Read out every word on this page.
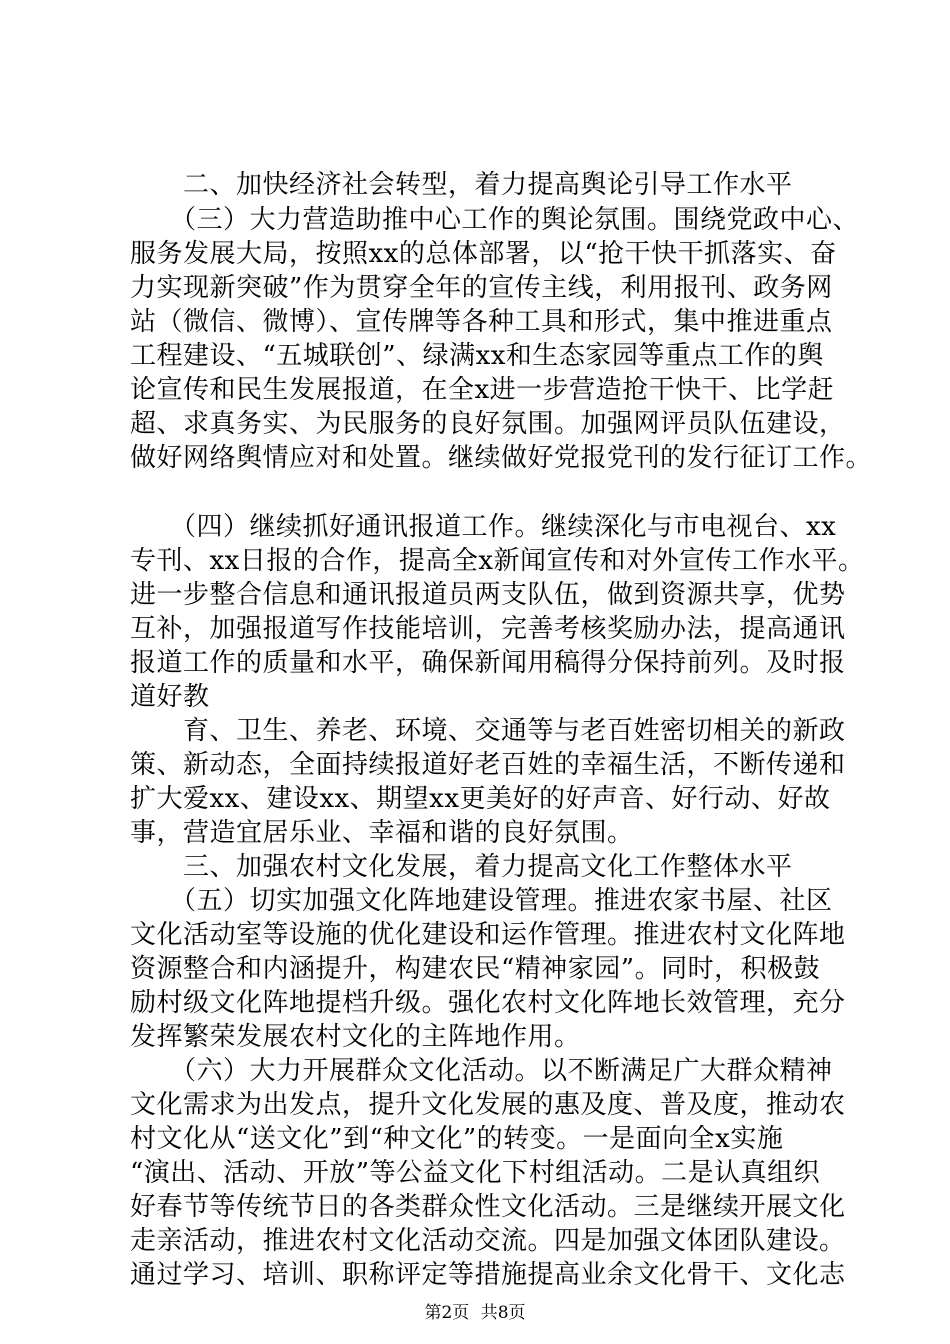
　　二、加快经济社会转型，着力提高舆论引导工作水平
　　（三）大力营造助推中心工作的舆论氛围。围绕党政中心、
服务发展大局，按照xx的总体部署，以“抢干快干抓落实、奋
力实现新突破”作为贯穿全年的宣传主线，利用报刊、政务网
站（微信、微博）、宣传牌等各种工具和形式，集中推进重点
工程建设、“五城联创”、绿满xx和生态家园等重点工作的舆
论宣传和民生发展报道，在全x进一步营造抢干快干、比学赶
超、求真务实、为民服务的良好氛围。加强网评员队伍建设，
做好网络舆情应对和处置。继续做好党报党刊的发行征订工作。
　　（四）继续抓好通讯报道工作。继续深化与市电视台、xx
专刊、xx日报的合作，提高全x新闻宣传和对外宣传工作水平。
进一步整合信息和通讯报道员两支队伍，做到资源共享，优势
互补，加强报道写作技能培训，完善考核奖励办法，提高通讯
报道工作的质量和水平，确保新闻用稿得分保持前列。及时报
道好教
　　育、卫生、养老、环境、交通等与老百姓密切相关的新政
策、新动态，全面持续报道好老百姓的幸福生活，不断传递和
扩大爱xx、建设xx、期望xx更美好的好声音、好行动、好故
事，营造宜居乐业、幸福和谐的良好氛围。
　　三、加强农村文化发展，着力提高文化工作整体水平
　　（五）切实加强文化阵地建设管理。推进农家书屋、社区
文化活动室等设施的优化建设和运作管理。推进农村文化阵地
资源整合和内涵提升，构建农民“精神家园”。同时，积极鼓
励村级文化阵地提档升级。强化农村文化阵地长效管理，充分
发挥繁荣发展农村文化的主阵地作用。
　　（六）大力开展群众文化活动。以不断满足广大群众精神
文化需求为出发点，提升文化发展的惠及度、普及度，推动农
村文化从“送文化”到“种文化”的转变。一是面向全x实施
“演出、活动、开放”等公益文化下村组活动。二是认真组织
好春节等传统节日的各类群众性文化活动。三是继续开展文化
走亲活动，推进农村文化活动交流。四是加强文体团队建设。
通过学习、培训、职称评定等措施提高业余文化骨干、文化志
第2页 共8页
